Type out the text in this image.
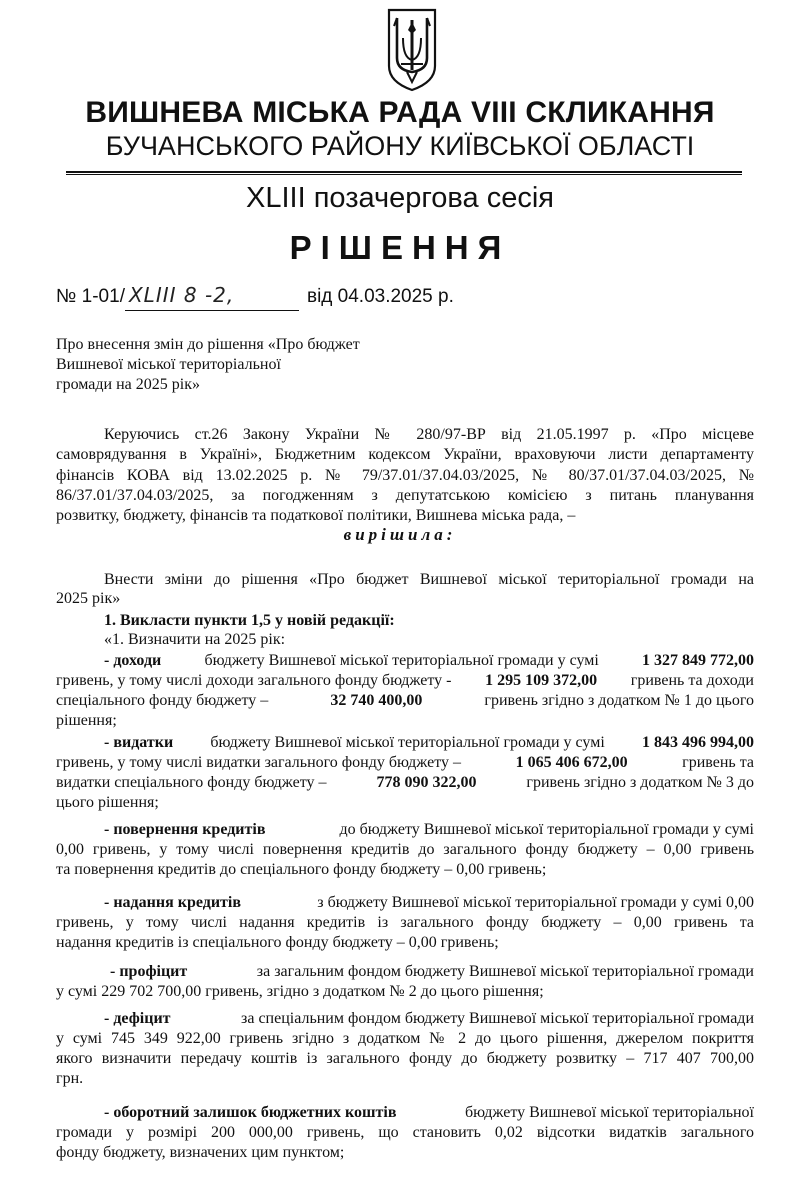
ВИШНЕВА МІСЬКА РАДА VIII СКЛИКАННЯ
БУЧАНСЬКОГО РАЙОНУ КИЇВСЬКОЇ ОБЛАСТІ
XLIII позачергова сесія
РІШЕННЯ
№ 1-01/ XLIII 8 -2,	від 04.03.2025 р.
Про внесення змін до рішення «Про бюджет
Вишневої міської територіальної
громади на 2025 рік»
Керуючись ст.26 Закону України № 280/97-ВР від 21.05.1997 р. «Про місцеве
самоврядування в Україні», Бюджетним кодексом України, враховуючи листи департаменту
фінансів КОВА від 13.02.2025 р. № 79/37.01/37.04.03/2025, № 80/37.01/37.04.03/2025, №
86/37.01/37.04.03/2025, за погодженням з депутатською комісією з питань планування
розвитку, бюджету, фінансів та податкової політики, Вишнева міська рада, –
вирішила:
Внести зміни до рішення «Про бюджет Вишневої міської територіальної громади на
2025 рік»
1. Викласти пункти 1,5 у новій редакції:
«1. Визначити на 2025 рік:
- доходи	бюджету Вишневої міської територіальної громади у сумі	1 327 849 772,00
гривень, у тому числі доходи загального фонду бюджету - 1 295 109 372,00 гривень та доходи
спеціального фонду бюджету –	32 740 400,00	гривень згідно з додатком № 1 до цього
рішення;
- видатки бюджету Вишневої міської територіальної громади у сумі 1 843 496 994,00
гривень, у тому числі видатки загального фонду бюджету –	1 065 406 672,00	гривень та
видатки спеціального фонду бюджету –	778 090 322,00	гривень згідно з додатком № 3 до
цього рішення;
- повернення кредитів	до бюджету Вишневої міської територіальної громади у сумі
0,00 гривень, у тому числі повернення кредитів до загального фонду бюджету – 0,00 гривень
та повернення кредитів до спеціального фонду бюджету – 0,00 гривень;
- надання кредитів	з бюджету Вишневої міської територіальної громади у сумі 0,00
гривень, у тому числі надання кредитів із загального фонду бюджету – 0,00 гривень та
надання кредитів із спеціального фонду бюджету – 0,00 гривень;
- профіцит	за загальним фондом бюджету Вишневої міської територіальної громади
у сумі 229 702 700,00 гривень, згідно з додатком № 2 до цього рішення;
- дефіцит	за спеціальним фондом бюджету Вишневої міської територіальної громади
у сумі 745 349 922,00 гривень згідно з додатком № 2 до цього рішення, джерелом покриття
якого визначити передачу коштів із загального фонду до бюджету розвитку – 717 407 700,00
грн.
- оборотний залишок бюджетних коштів	бюджету Вишневої міської територіальної
громади у розмірі 200 000,00 гривень, що становить 0,02 відсотки видатків загального
фонду бюджету, визначених цим пунктом;
